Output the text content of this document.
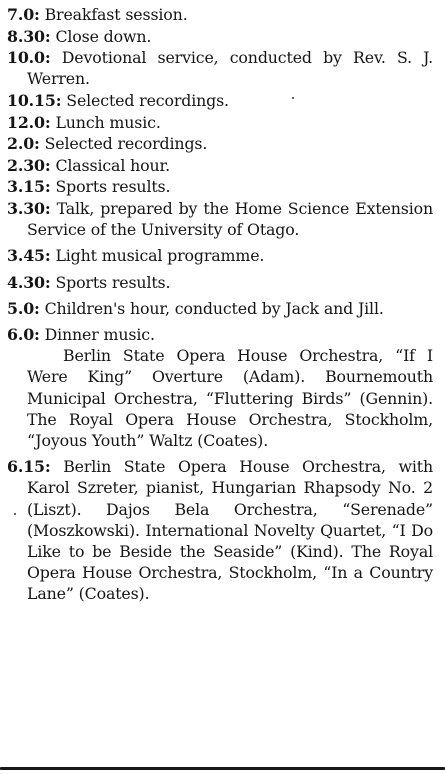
7.0: Breakfast session.
8.30: Close down.
10.0: Devotional service, conducted by Rev. S. J. Werren.
10.15: Selected recordings.
12.0: Lunch music.
2.0: Selected recordings.
2.30: Classical hour.
3.15: Sports results.
3.30: Talk, prepared by the Home Science Extension Service of the University of Otago.
3.45: Light musical programme.
4.30: Sports results.
5.0: Children's hour, conducted by Jack and Jill.
6.0: Dinner music.
Berlin State Opera House Orchestra, “If I Were King” Overture (Adam). Bournemouth Municipal Orchestra, “Fluttering Birds” (Gennin). The Royal Opera House Orchestra, Stockholm, “Joyous Youth” Waltz (Coates).
6.15: Berlin State Opera House Orchestra, with Karol Szreter, pianist, Hungarian Rhapsody No. 2 (Liszt). Dajos Bela Orchestra, “Serenade” (Moszkowski). International Novelty Quartet, “I Do Like to be Beside the Seaside” (Kind). The Royal Opera House Orchestra, Stockholm, “In a Country Lane” (Coates).
